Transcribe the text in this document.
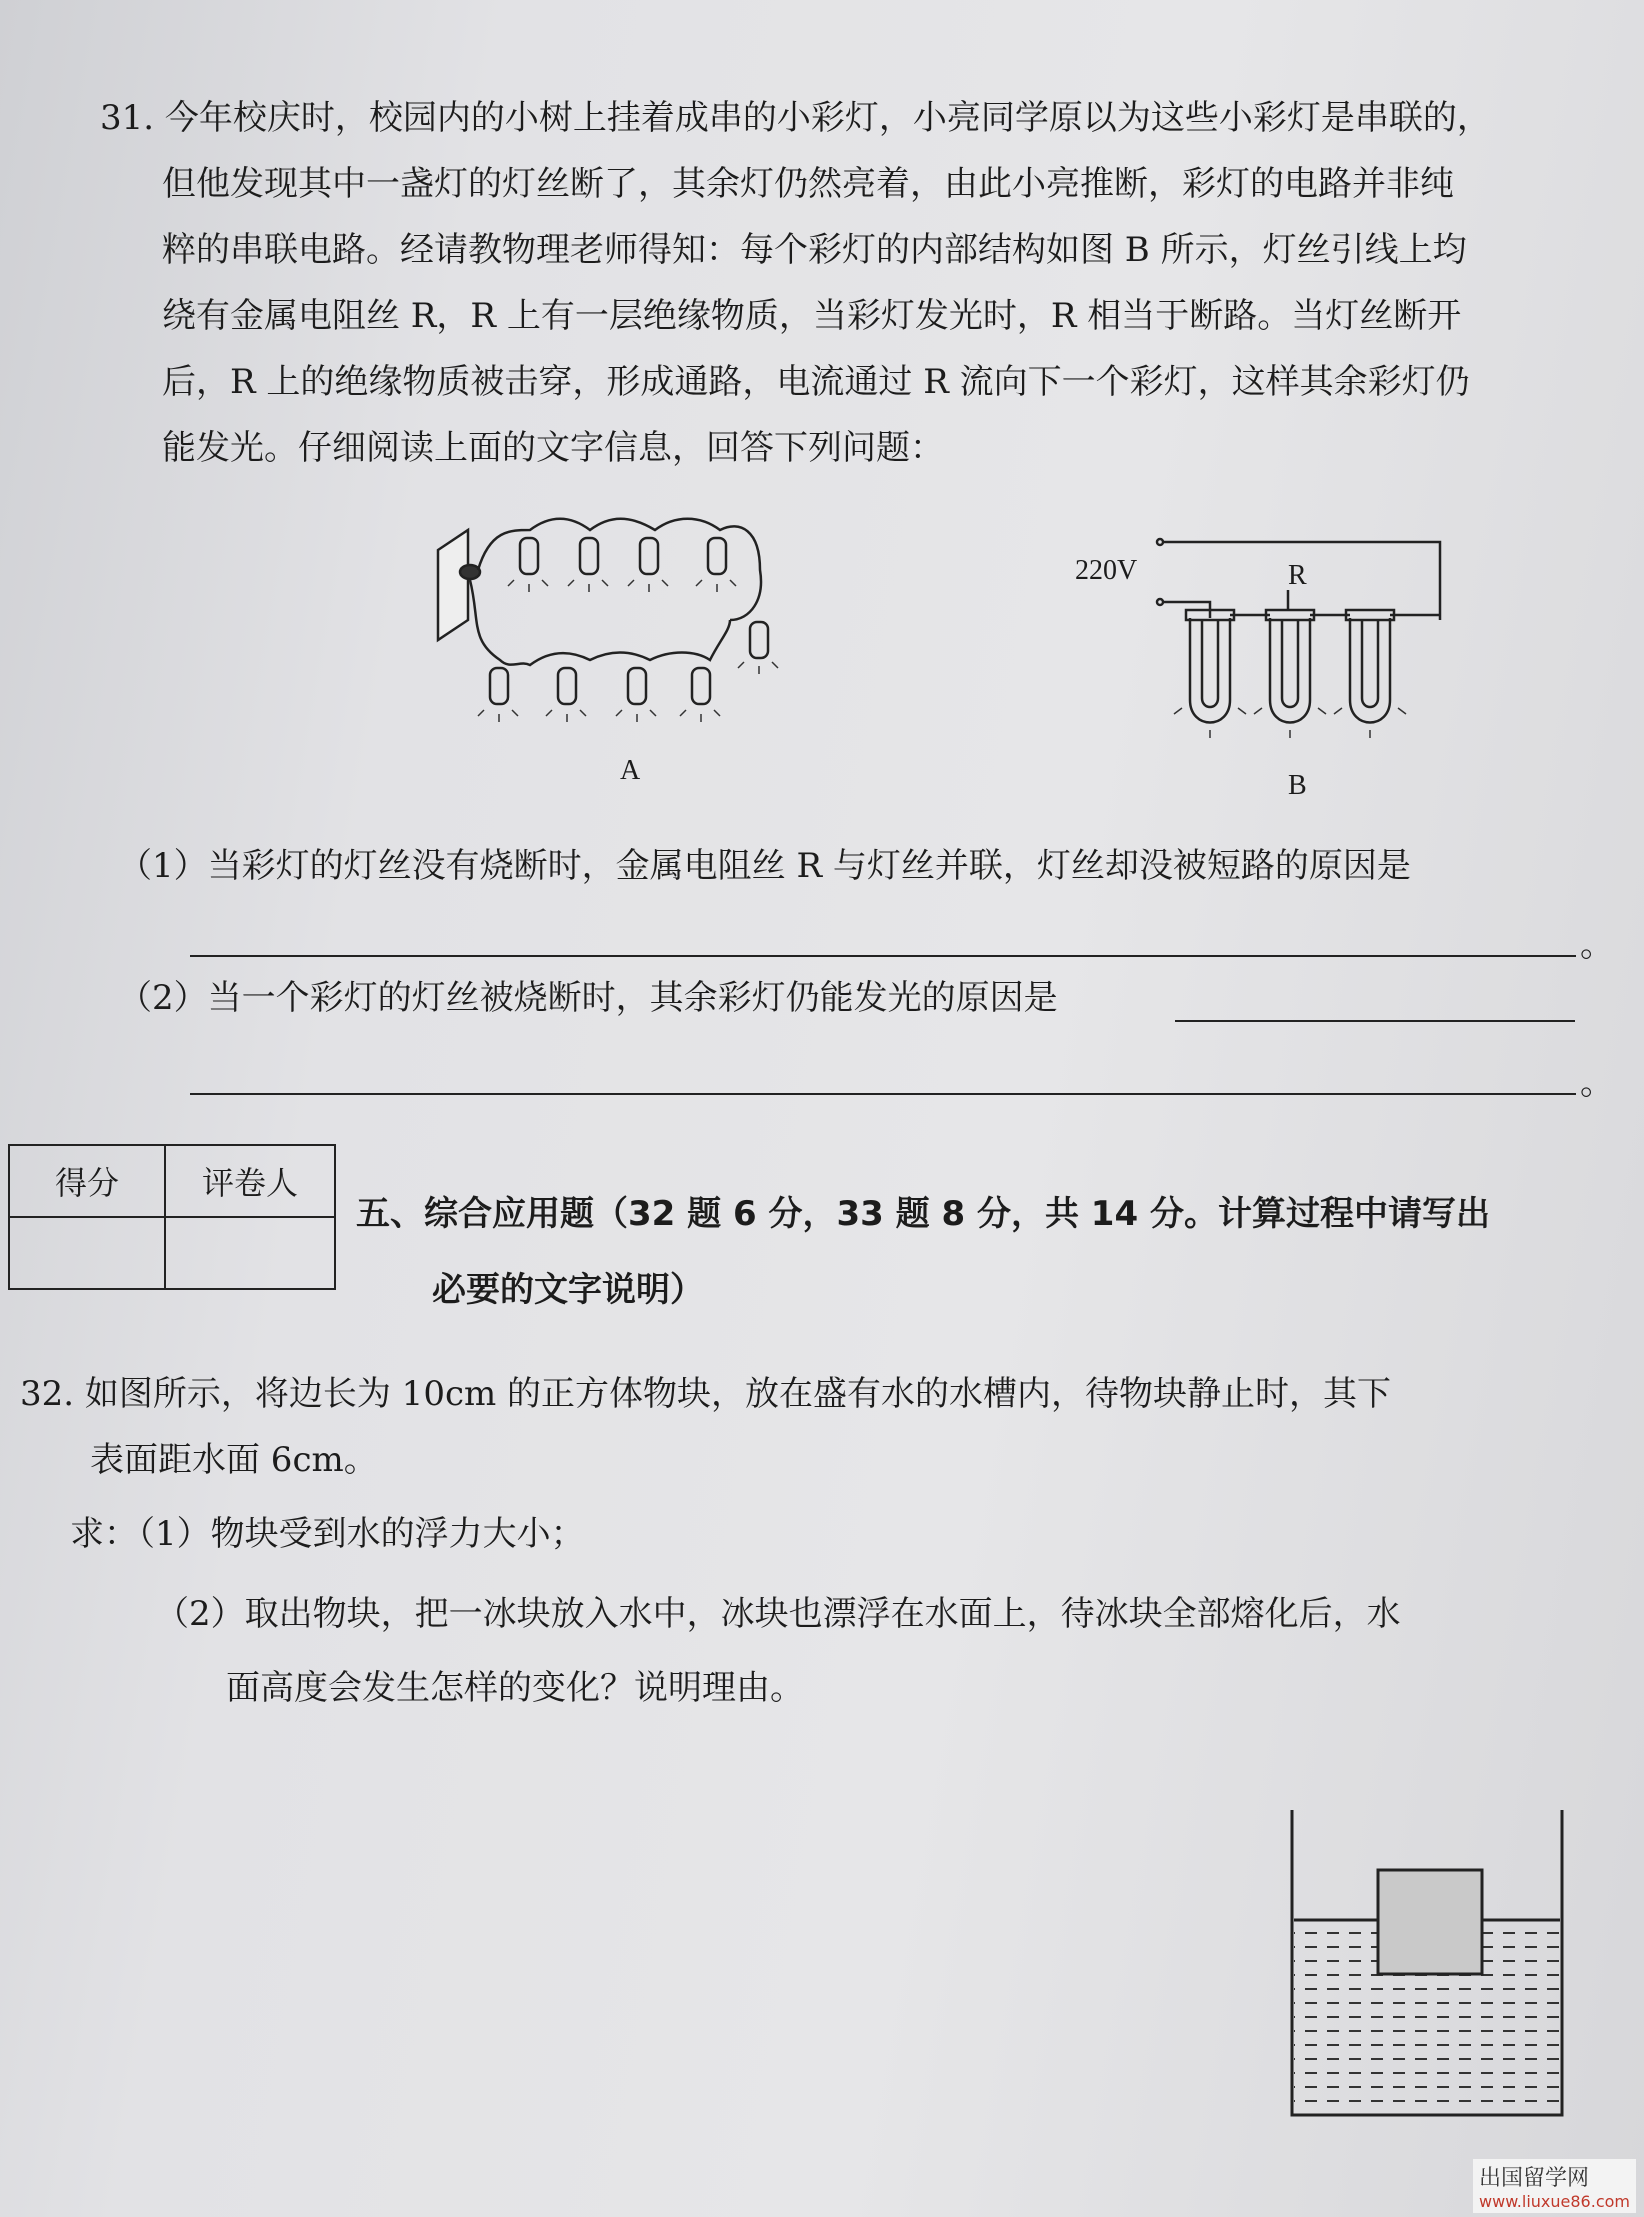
31. 今年校庆时，校园内的小树上挂着成串的小彩灯，小亮同学原以为这些小彩灯是串联的，
但他发现其中一盏灯的灯丝断了，其余灯仍然亮着，由此小亮推断，彩灯的电路并非纯
粹的串联电路。经请教物理老师得知：每个彩灯的内部结构如图 B 所示，灯丝引线上均
绕有金属电阻丝 R，R 上有一层绝缘物质，当彩灯发光时，R 相当于断路。当灯丝断开
后，R 上的绝缘物质被击穿，形成通路，电流通过 R 流向下一个彩灯，这样其余彩灯仍
能发光。仔细阅读上面的文字信息，回答下列问题：
A
220V	R
B
（1）当彩灯的灯丝没有烧断时，金属电阻丝 R 与灯丝并联，灯丝却没被短路的原因是
。
（2）当一个彩灯的灯丝被烧断时，其余彩灯仍能发光的原因是
。
得分	评卷人

五、综合应用题（32 题 6 分，33 题 8 分，共 14 分。计算过程中请写出
必要的文字说明）
32. 如图所示，将边长为 10cm 的正方体物块，放在盛有水的水槽内，待物块静止时，其下
表面距水面 6cm。
求：（1）物块受到水的浮力大小；
（2）取出物块，把一冰块放入水中，冰块也漂浮在水面上，待冰块全部熔化后，水
面高度会发生怎样的变化？说明理由。
出国留学网
www.liuxue86.com
